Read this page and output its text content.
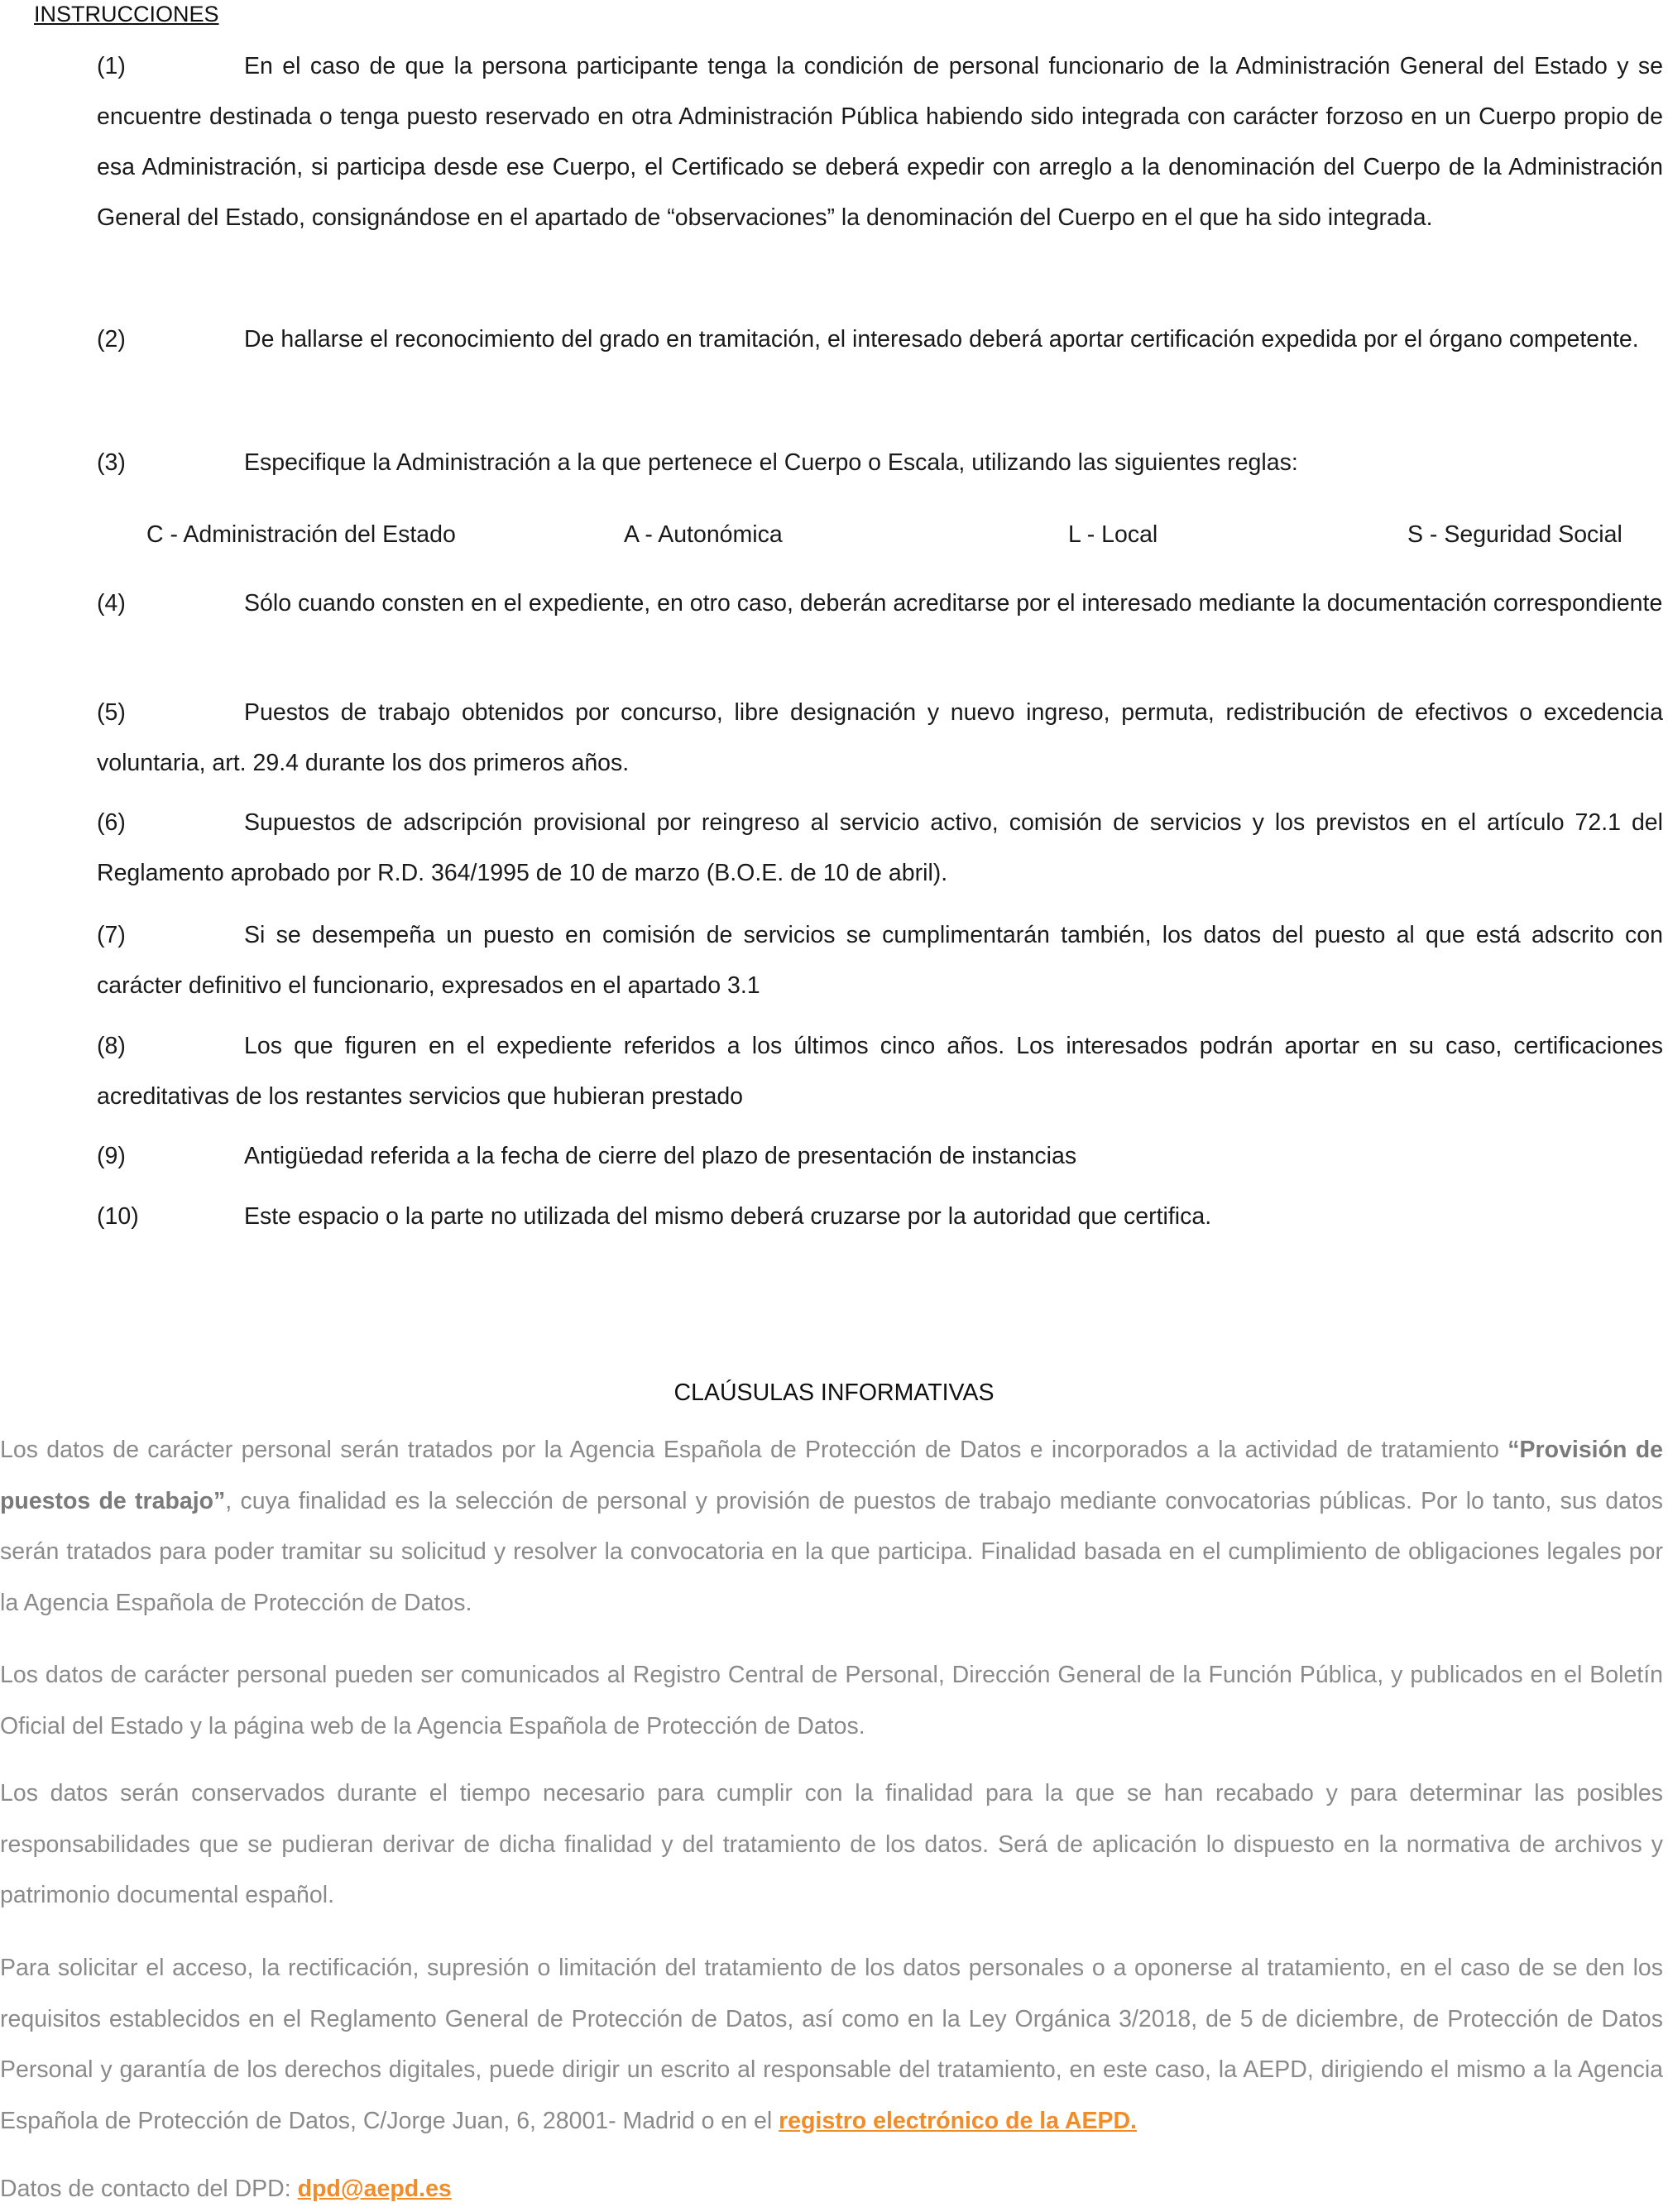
INSTRUCCIONES
(1)	En el caso de que la persona participante tenga la condición de personal funcionario de la Administración General del Estado y se encuentre destinada o tenga puesto reservado en otra Administración Pública habiendo sido integrada con carácter forzoso en un Cuerpo propio de esa Administración, si participa desde ese Cuerpo, el Certificado se deberá expedir con arreglo a la denominación del Cuerpo de la Administración General del Estado, consignándose en el apartado de “observaciones” la denominación del Cuerpo en el que ha sido integrada.
(2)	De hallarse el reconocimiento del grado en tramitación, el interesado deberá aportar certificación expedida por el órgano competente.
(3)	Especifique la Administración a la que pertenece el Cuerpo o Escala, utilizando las siguientes reglas:
C - Administración del Estado	A - Autonómica	L - Local	S - Seguridad Social
(4)	Sólo cuando consten en el expediente, en otro caso, deberán acreditarse por el interesado mediante la documentación correspondiente
(5)	Puestos de trabajo obtenidos por concurso, libre designación y nuevo ingreso, permuta, redistribución de efectivos o excedencia voluntaria, art. 29.4 durante los dos primeros años.
(6)	Supuestos de adscripción provisional por reingreso al servicio activo, comisión de servicios y los previstos en el artículo 72.1 del Reglamento aprobado por R.D. 364/1995 de 10 de marzo (B.O.E. de 10 de abril).
(7)	Si se desempeña un puesto en comisión de servicios se cumplimentarán también, los datos del puesto al que está adscrito con carácter definitivo el funcionario, expresados en el apartado 3.1
(8)	Los que figuren en el expediente referidos a los últimos cinco años. Los interesados podrán aportar en su caso, certificaciones acreditativas de los restantes servicios que hubieran prestado
(9)	Antigüedad referida a la fecha de cierre del plazo de presentación de instancias
(10)	Este espacio o la parte no utilizada del mismo deberá cruzarse por la autoridad que certifica.
CLAÚSULAS INFORMATIVAS
Los datos de carácter personal serán tratados por la Agencia Española de Protección de Datos e incorporados a la actividad de tratamiento “Provisión de puestos de trabajo”, cuya finalidad es la selección de personal y provisión de puestos de trabajo mediante convocatorias públicas. Por lo tanto, sus datos serán tratados para poder tramitar su solicitud y resolver la convocatoria en la que participa. Finalidad basada en el cumplimiento de obligaciones legales por la Agencia Española de Protección de Datos.
Los datos de carácter personal pueden ser comunicados al Registro Central de Personal, Dirección General de la Función Pública, y publicados en el Boletín Oficial del Estado y la página web de la Agencia Española de Protección de Datos.
Los datos serán conservados durante el tiempo necesario para cumplir con la finalidad para la que se han recabado y para determinar las posibles responsabilidades que se pudieran derivar de dicha finalidad y del tratamiento de los datos. Será de aplicación lo dispuesto en la normativa de archivos y patrimonio documental español.
Para solicitar el acceso, la rectificación, supresión o limitación del tratamiento de los datos personales o a oponerse al tratamiento, en el caso de se den los requisitos establecidos en el Reglamento General de Protección de Datos, así como en la Ley Orgánica 3/2018, de 5 de diciembre, de Protección de Datos Personal y garantía de los derechos digitales, puede dirigir un escrito al responsable del tratamiento, en este caso, la AEPD, dirigiendo el mismo a la Agencia Española de Protección de Datos, C/Jorge Juan, 6, 28001- Madrid o en el registro electrónico de la AEPD.
Datos de contacto del DPD: dpd@aepd.es
